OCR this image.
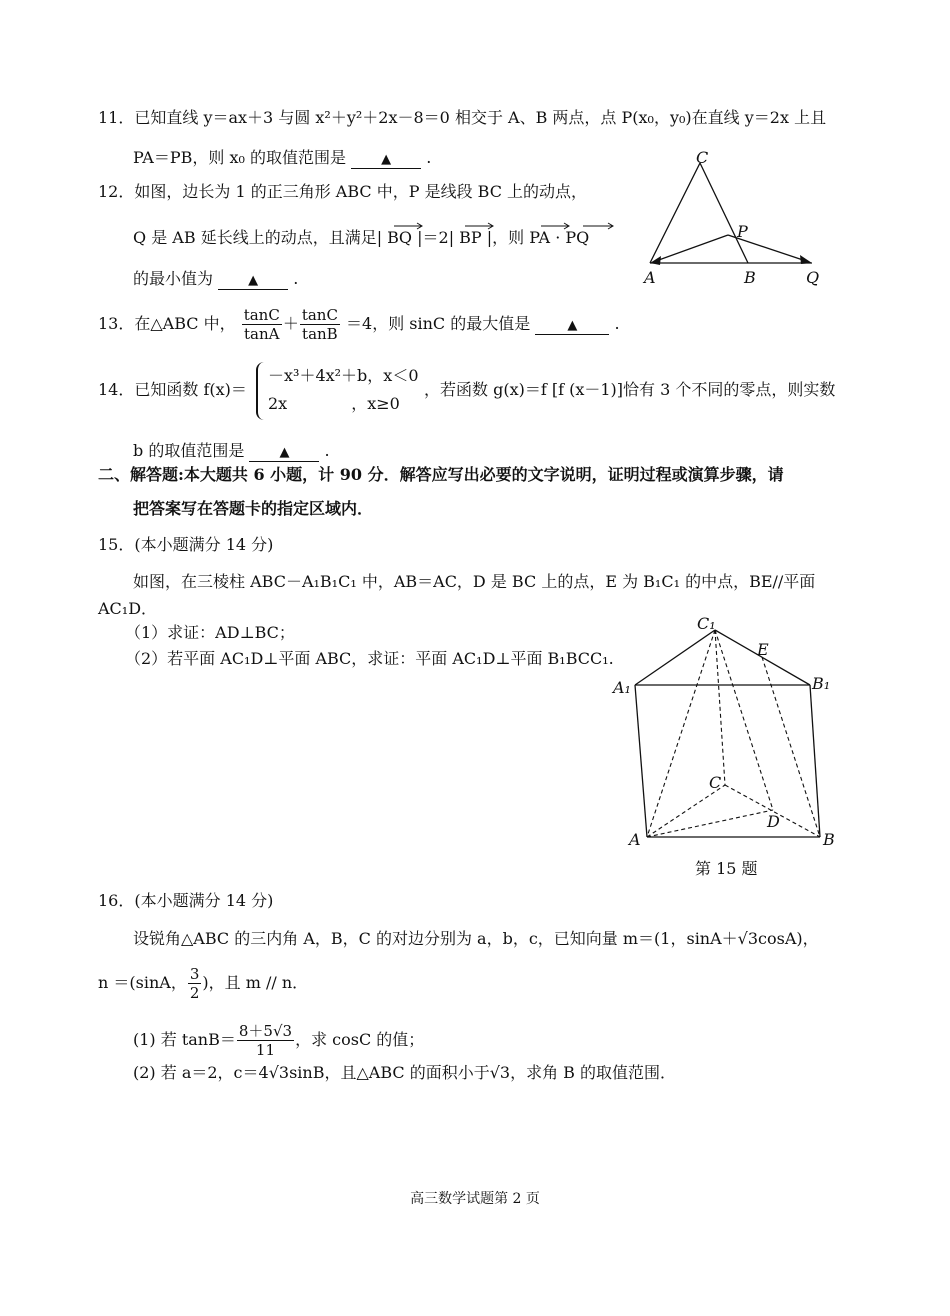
11．已知直线 y＝ax＋3 与圆 x²＋y²＋2x－8＝0 相交于 A、B 两点，点 P(x₀，y₀)在直线 y＝2x 上且
PA＝PB，则 x₀ 的取值范围是	▲ .
12．如图，边长为 1 的正三角形 ABC 中，P 是线段 BC 上的动点，
Q 是 AB 延长线上的动点，且满足| BQ |＝2| BP |，则 PA · PQ
的最小值为	▲ .
C
P
A	B	Q
13．在△ABC 中， $\frac{\tan C}{\tan A} + \frac{\tan C}{\tan B} =4$，则 sinC 的最大值是	▲ .
14．已知函数 f(x)＝
－x³＋4x²＋b，x＜0
2x　　　　，x≥0
，若函数 g(x)＝f [f (x－1)]恰有 3 个不同的零点，则实数
b 的取值范围是	▲ .
二、解答题:本大题共 6 小题，计 90 分．解答应写出必要的文字说明，证明过程或演算步骤，请
把答案写在答题卡的指定区域内．
15．(本小题满分 14 分)
如图，在三棱柱 ABC－A₁B₁C₁ 中，AB＝AC，D 是 BC 上的点，E 为 B₁C₁ 的中点，BE//平面
AC₁D．
（1）求证：AD⊥BC；
（2）若平面 AC₁D⊥平面 ABC，求证：平面 AC₁D⊥平面 B₁BCC₁.
C₁
E
A₁	B₁
C
D
A	B
第 15 题
16．(本小题满分 14 分)
设锐角△ABC 的三内角 A，B，C 的对边分别为 a，b，c，已知向量 m＝(1，sinA＋√3cosA)，
n ＝(sinA， $\frac{3}{2}$ )，且 m // n．
(1) 若 $\tan B= \frac{8+5√3}{11}$ ，求 cosC 的值；
(2) 若 a＝2，c＝4√3sinB，且△ABC 的面积小于√3，求角 B 的取值范围．
高三数学试题第 2 页
